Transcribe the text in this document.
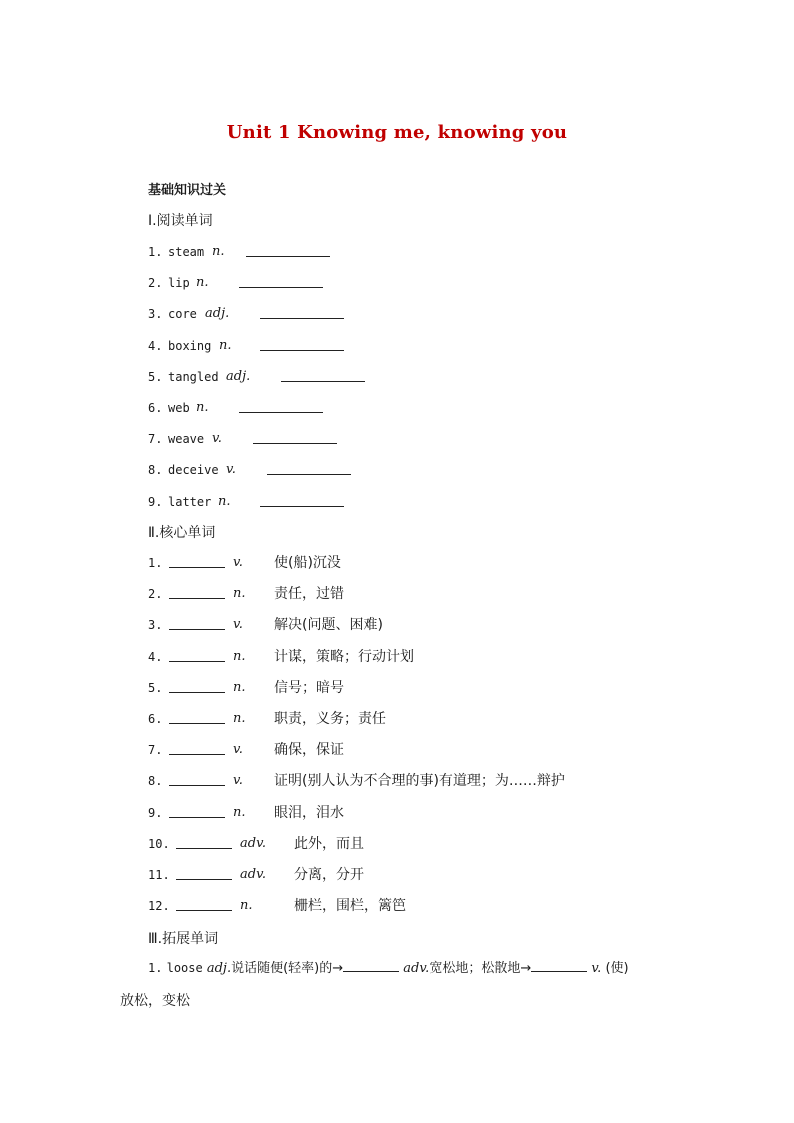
Unit 1 Knowing me, knowing you
基础知识过关
Ⅰ.阅读单词
1. steam n.
2. lip n.
3. core adj.
4. boxing n.
5. tangled adj.
6. web n.
7. weave v.
8. deceive v.
9. latter n.
Ⅱ.核心单词
1.	v. 使(船)沉没
2.	n. 责任，过错
3.	v. 解决(问题、困难)
4.	n. 计谋，策略；行动计划
5.	n. 信号；暗号
6.	n. 职责，义务；责任
7.	v. 确保，保证
8.	v. 证明(别人认为不合理的事)有道理；为……辩护
9.	n. 眼泪，泪水
10.	adv. 此外，而且
11.	adv. 分离，分开
12.	n.	栅栏，围栏，篱笆
Ⅲ.拓展单词
1. loose adj.说话随便(轻率)的→	adv.宽松地；松散地→	v. (使)
放松，变松
